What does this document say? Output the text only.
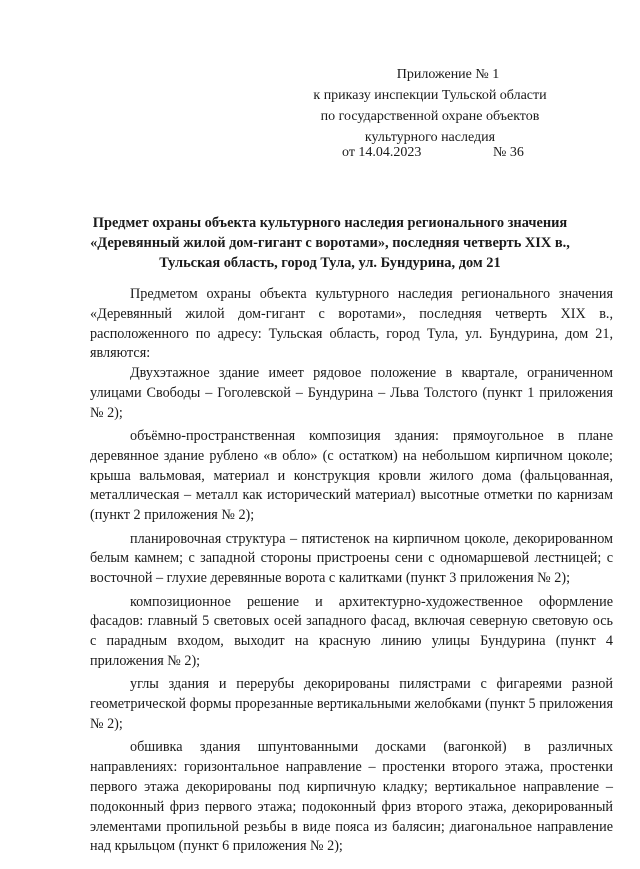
Приложение № 1
к приказу инспекции Тульской области
по государственной охране объектов
культурного наследия
от 14.04.2023	№ 36
Предмет охраны объекта культурного наследия регионального значения
«Деревянный жилой дом-гигант с воротами», последняя четверть XIX в.,
Тульская область, город Тула, ул. Бундурина, дом 21

Предметом охраны объекта культурного наследия регионального значения «Деревянный жилой дом-гигант с воротами», последняя четверть XIX в., расположенного по адресу: Тульская область, город Тула, ул. Бундурина, дом 21, являются:

Двухэтажное здание имеет рядовое положение в квартале, ограниченном улицами Свободы – Гоголевской – Бундурина – Льва Толстого (пункт 1 приложения № 2);

объёмно-пространственная композиция здания: прямоугольное в плане деревянное здание рублено «в обло» (с остатком) на небольшом кирпичном цоколе; крыша вальмовая, материал и конструкция кровли жилого дома (фальцованная, металлическая – металл как исторический материал) высотные отметки по карнизам (пункт 2 приложения № 2);

планировочная структура – пятистенок на кирпичном цоколе, декорированном белым камнем; с западной стороны пристроены сени с одномаршевой лестницей; с восточной – глухие деревянные ворота с калитками (пункт 3 приложения № 2);

композиционное решение и архитектурно-художественное оформление фасадов: главный 5 световых осей западного фасад, включая северную световую ось с парадным входом, выходит на красную линию улицы Бундурина (пункт 4 приложения № 2);

углы здания и перерубы декорированы пилястрами с фигареями разной геометрической формы прорезанные вертикальными желобками (пункт 5 приложения № 2);

обшивка здания шпунтованными досками (вагонкой) в различных направлениях: горизонтальное направление – простенки второго этажа, простенки первого этажа декорированы под кирпичную кладку; вертикальное направление – подоконный фриз первого этажа; подоконный фриз второго этажа, декорированный элементами пропильной резьбы в виде пояса из балясин; диагональное направление над крыльцом (пункт 6 приложения № 2);
